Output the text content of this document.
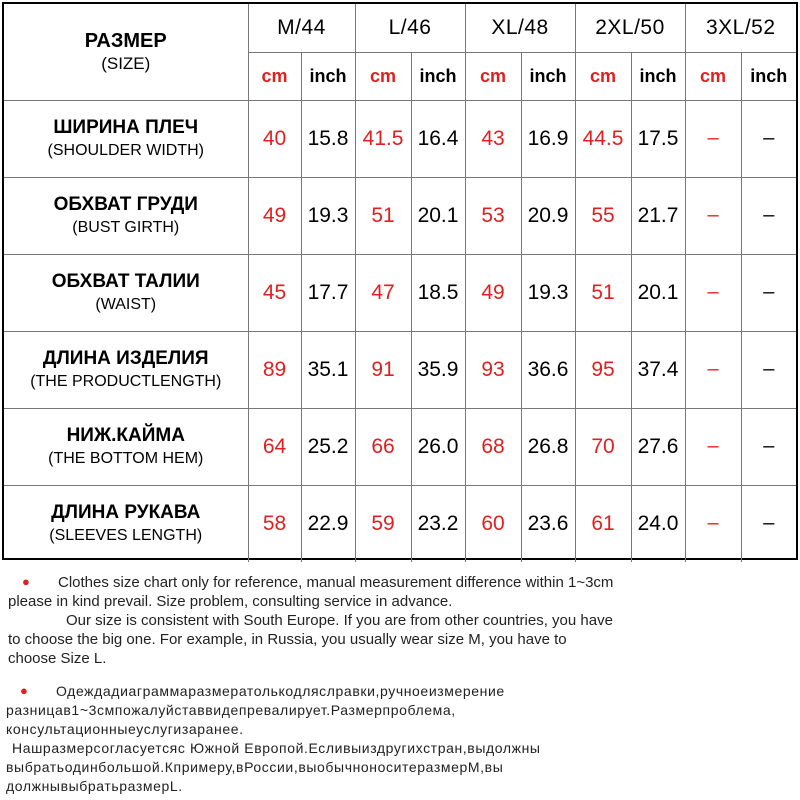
РАЗМЕР
(SIZE)	M/44		L/46		XL/48		2XL/50		3XL/52	
	cm	inch	cm	inch	cm	inch	cm	inch	cm	inch

ШИРИНА ПЛЕЧ
(SHOULDER WIDTH)	40	15.8	41.5	16.4	43	16.9	44.5	17.5	–	–

ОБХВАТ ГРУДИ
(BUST GIRTH)	49	19.3	51	20.1	53	20.9	55	21.7	–	–

ОБХВАТ ТАЛИИ
(WAIST)	45	17.7	47	18.5	49	19.3	51	20.1	–	–

ДЛИНА ИЗДЕЛИЯ
(THE PRODUCTLENGTH)	89	35.1	91	35.9	93	36.6	95	37.4	–	–

НИЖ.КАЙМА
(THE BOTTOM HEM)	64	25.2	66	26.0	68	26.8	70	27.6	–	–

ДЛИНА РУКАВА
(SLEEVES LENGTH)	58	22.9	59	23.2	60	23.6	61	24.0	–	–

● Clothes size chart only for reference, manual measurement difference within 1~3cm

please in kind prevail. Size problem, consulting service in advance.

Our size is consistent with South Europe. If you are from other countries, you have

to choose the big one. For example, in Russia, you usually wear size M, you have to

choose Size L.

● Одеждадиаграммаразмератолькодляслравки,ручноеизмерение

разницав1~3смпожалуйставвидепревалирует.Размерпроблема,

консультационныеуслугизаранее.

Нашразмерсогласуетсяс Южной Европой.Есливыиздругихстран,выдолжны

выбратьодинбольшой.Кпримеру,вРоссии,выобычноноситеразмерМ,вы

должнывыбратьразмерL.
